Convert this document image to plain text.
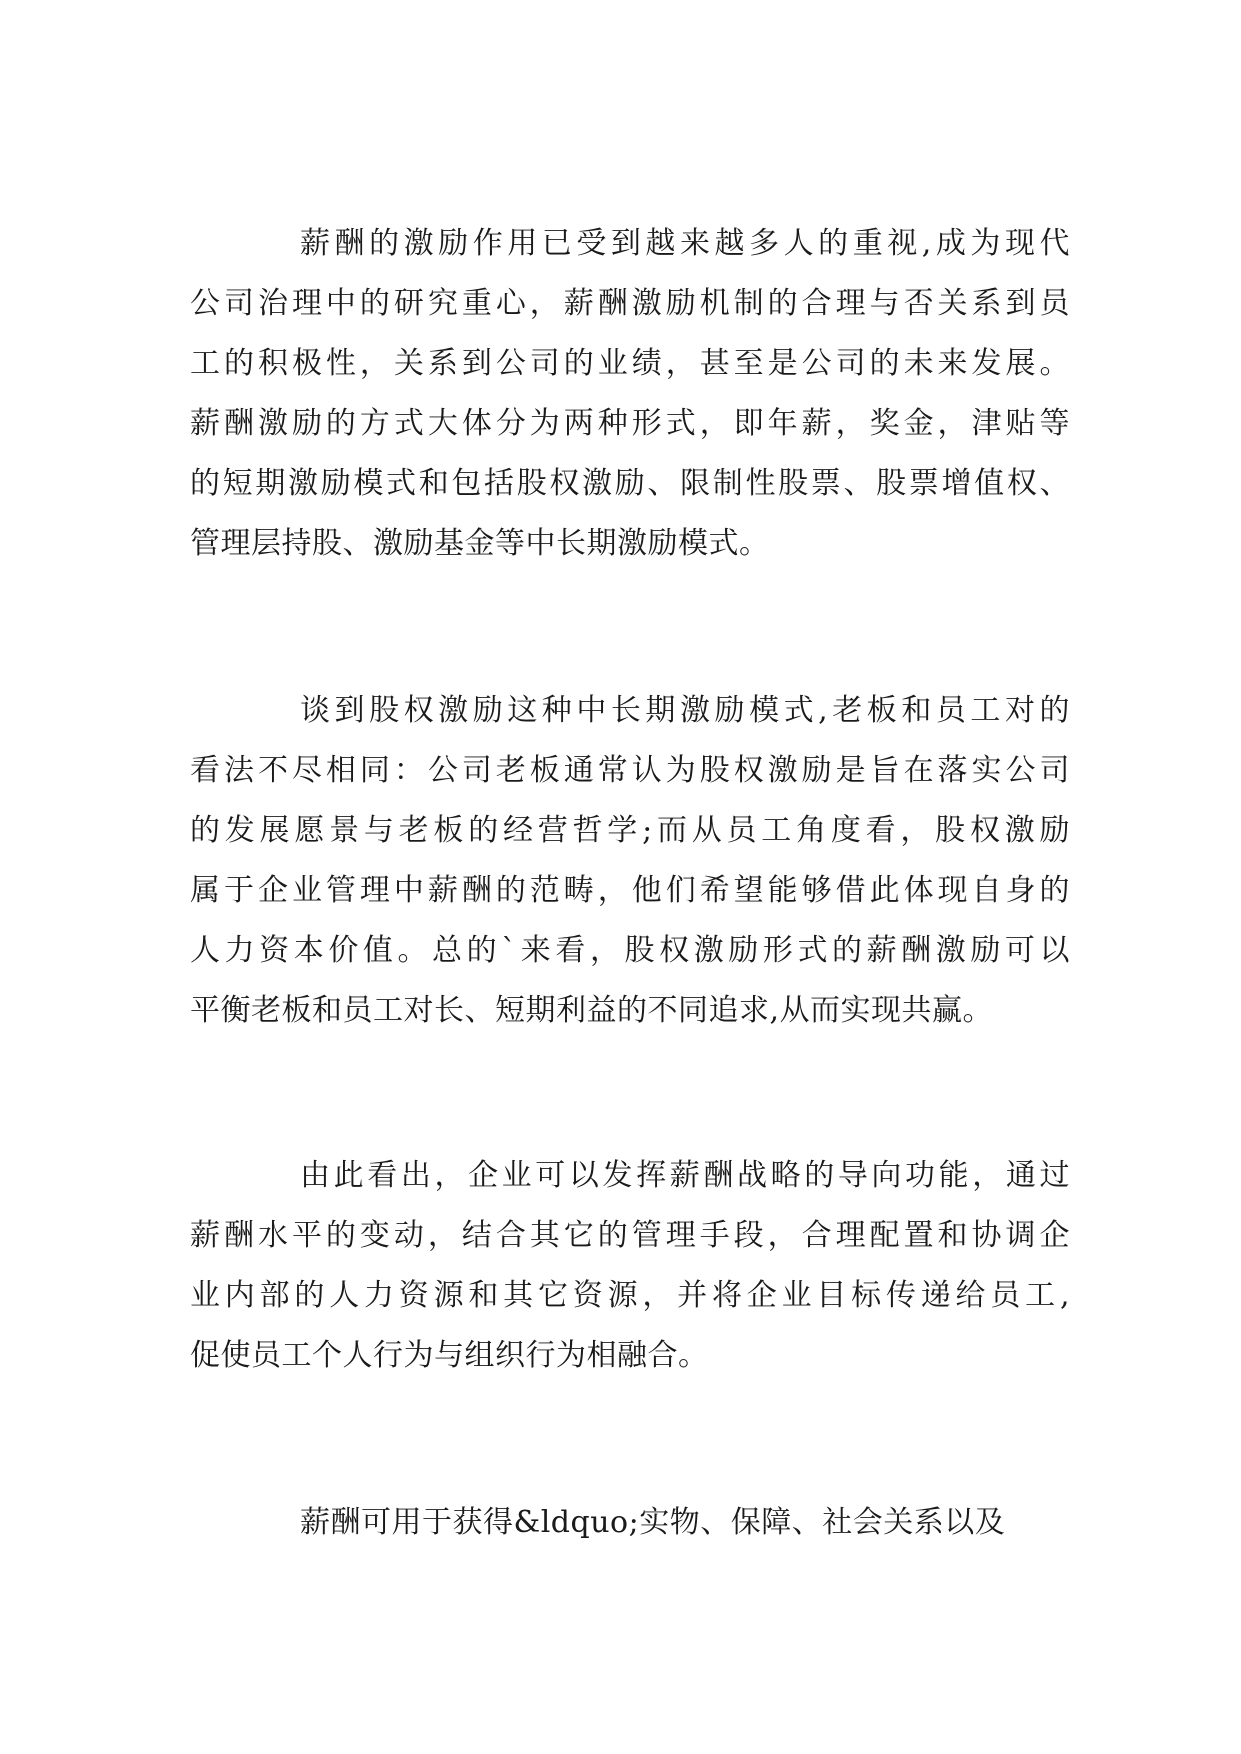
薪酬的激励作用已受到越来越多人的重视,成为现代
公司治理中的研究重心，薪酬激励机制的合理与否关系到员
工的积极性，关系到公司的业绩，甚至是公司的未来发展。
薪酬激励的方式大体分为两种形式，即年薪，奖金，津贴等
的短期激励模式和包括股权激励、限制性股票、股票增值权、
管理层持股、激励基金等中长期激励模式。
谈到股权激励这种中长期激励模式,老板和员工对的
看法不尽相同：公司老板通常认为股权激励是旨在落实公司
的发展愿景与老板的经营哲学;而从员工角度看，股权激励
属于企业管理中薪酬的范畴，他们希望能够借此体现自身的
人力资本价值。总的`来看，股权激励形式的薪酬激励可以
平衡老板和员工对长、短期利益的不同追求,从而实现共赢。
由此看出，企业可以发挥薪酬战略的导向功能，通过
薪酬水平的变动，结合其它的管理手段，合理配置和协调企
业内部的人力资源和其它资源，并将企业目标传递给员工,
促使员工个人行为与组织行为相融合。
薪酬可用于获得&ldquo;实物、保障、社会关系以及
